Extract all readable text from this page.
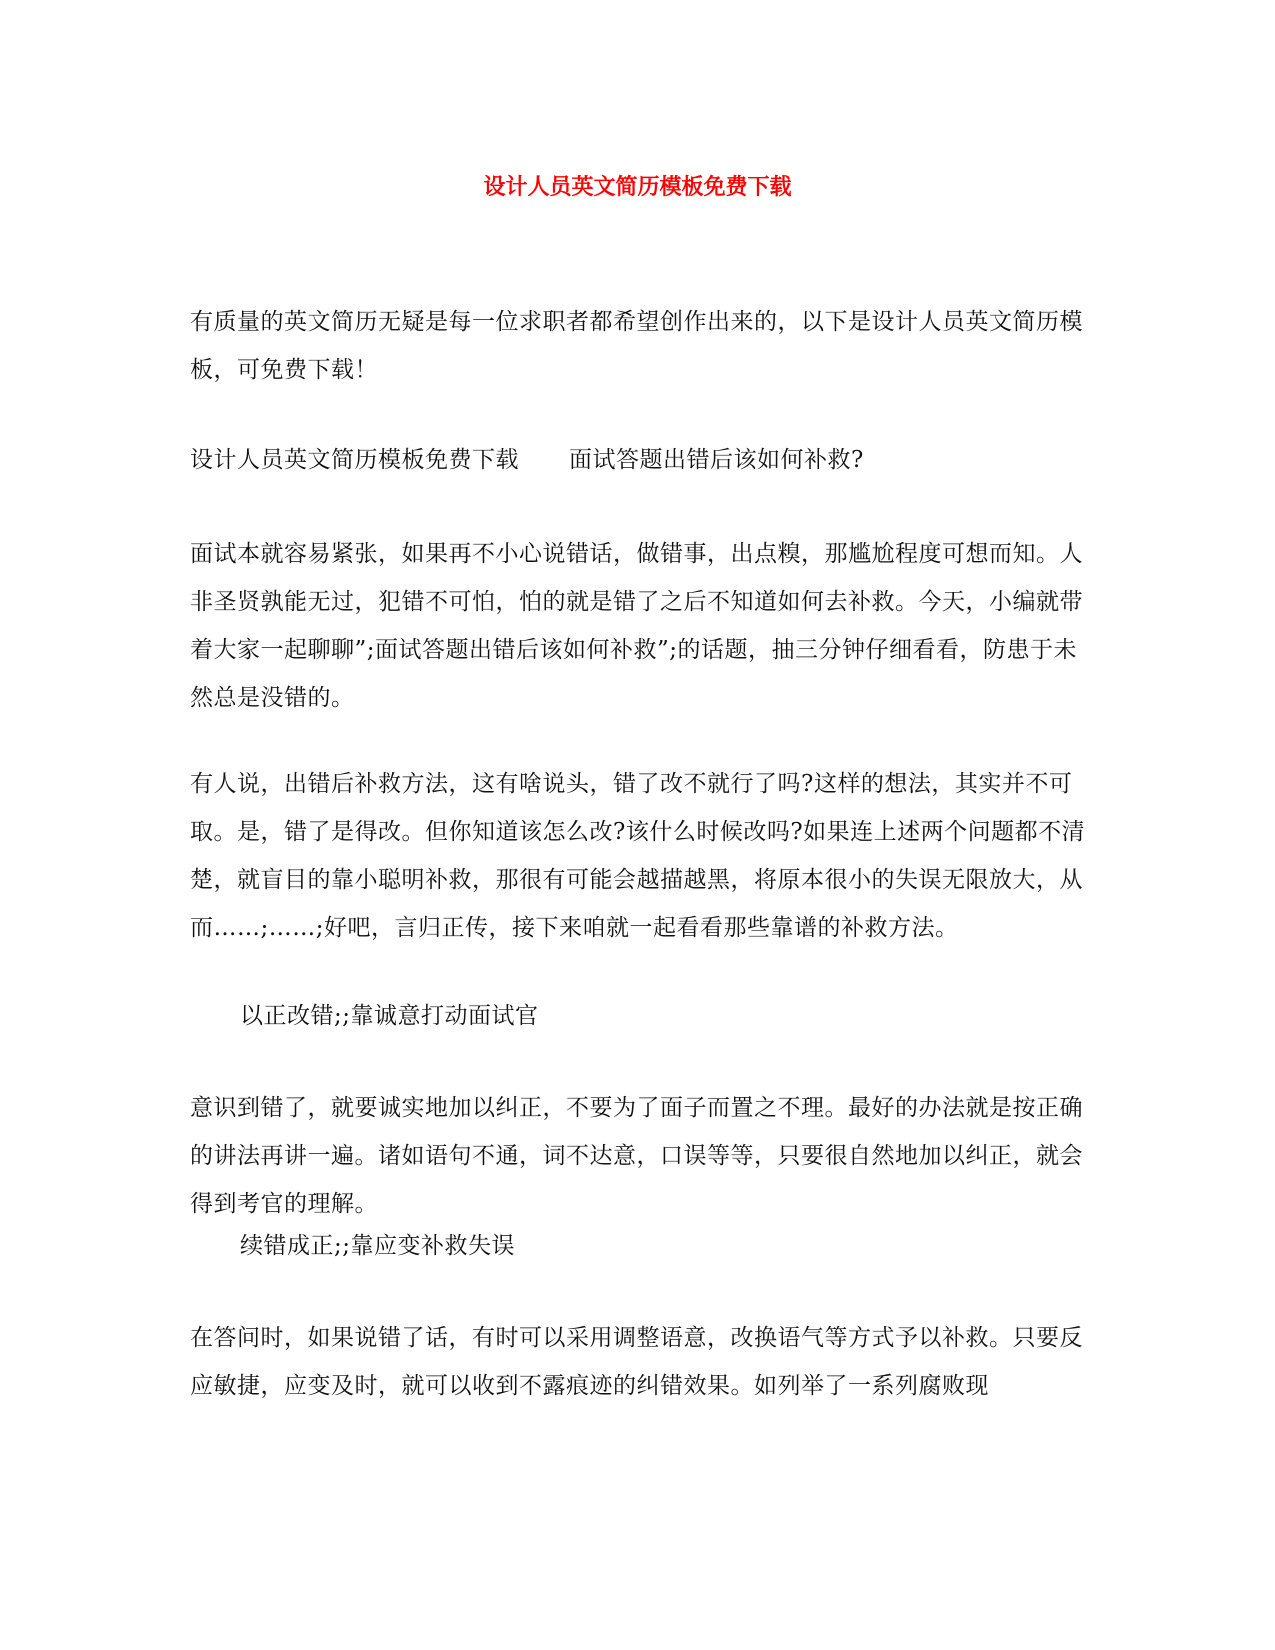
设计人员英文简历模板免费下载
有质量的英文简历无疑是每一位求职者都希望创作出来的，以下是设计人员英文简历模板，可免费下载！
设计人员英文简历模板免费下载 面试答题出错后该如何补救?
面试本就容易紧张，如果再不小心说错话，做错事，出点糗，那尴尬程度可想而知。人非圣贤孰能无过，犯错不可怕，怕的就是错了之后不知道如何去补救。今天，小编就带着大家一起聊聊”;面试答题出错后该如何补救”;的话题，抽三分钟仔细看看，防患于未然总是没错的。
有人说，出错后补救方法，这有啥说头，错了改不就行了吗?这样的想法，其实并不可取。是，错了是得改。但你知道该怎么改?该什么时候改吗?如果连上述两个问题都不清楚，就盲目的靠小聪明补救，那很有可能会越描越黑，将原本很小的失误无限放大，从而……;……;好吧，言归正传，接下来咱就一起看看那些靠谱的补救方法。
以正改错;;靠诚意打动面试官
意识到错了，就要诚实地加以纠正，不要为了面子而置之不理。最好的办法就是按正确的讲法再讲一遍。诸如语句不通，词不达意，口误等等，只要很自然地加以纠正，就会得到考官的理解。
续错成正;;靠应变补救失误
在答问时，如果说错了话，有时可以采用调整语意，改换语气等方式予以补救。只要反应敏捷，应变及时，就可以收到不露痕迹的纠错效果。如列举了一系列腐败现
